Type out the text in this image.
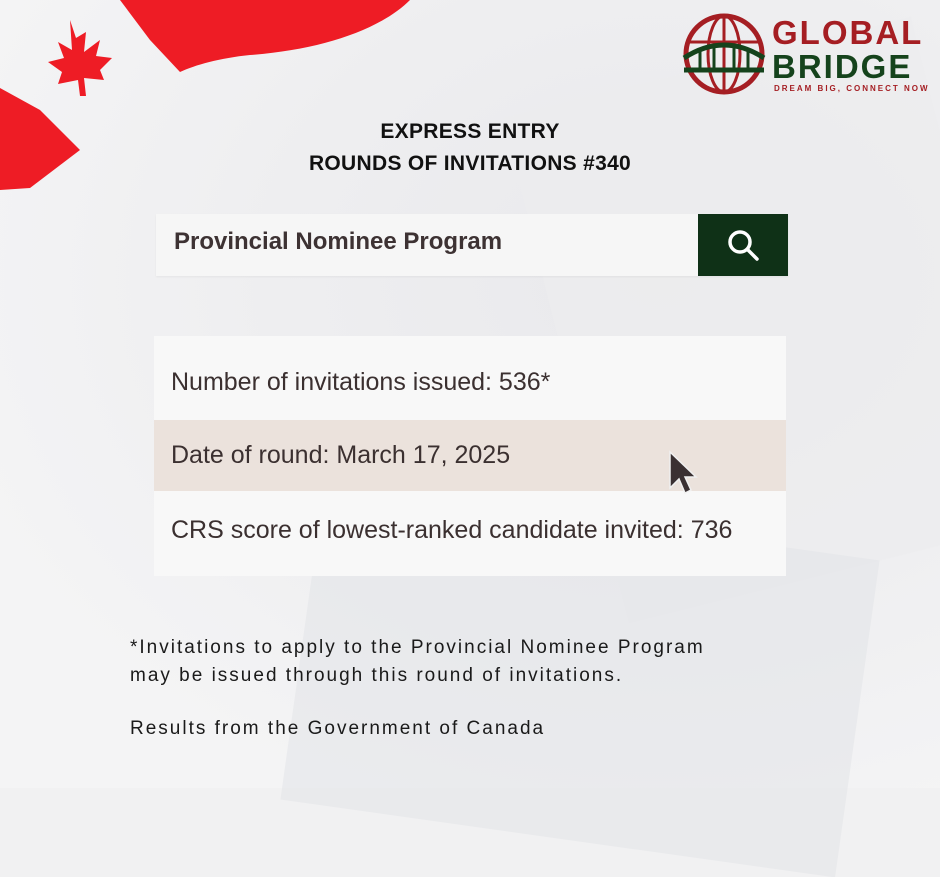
GLOBAL
BRIDGE
DREAM BIG, CONNECT NOW
EXPRESS ENTRY
ROUNDS OF INVITATIONS #340
Provincial Nominee Program
Number of invitations issued: 536*
Date of round: March 17, 2025
CRS score of lowest-ranked candidate invited: 736
*Invitations to apply to the Provincial Nominee Program
may be issued through this round of invitations.
Results from the Government of Canada
